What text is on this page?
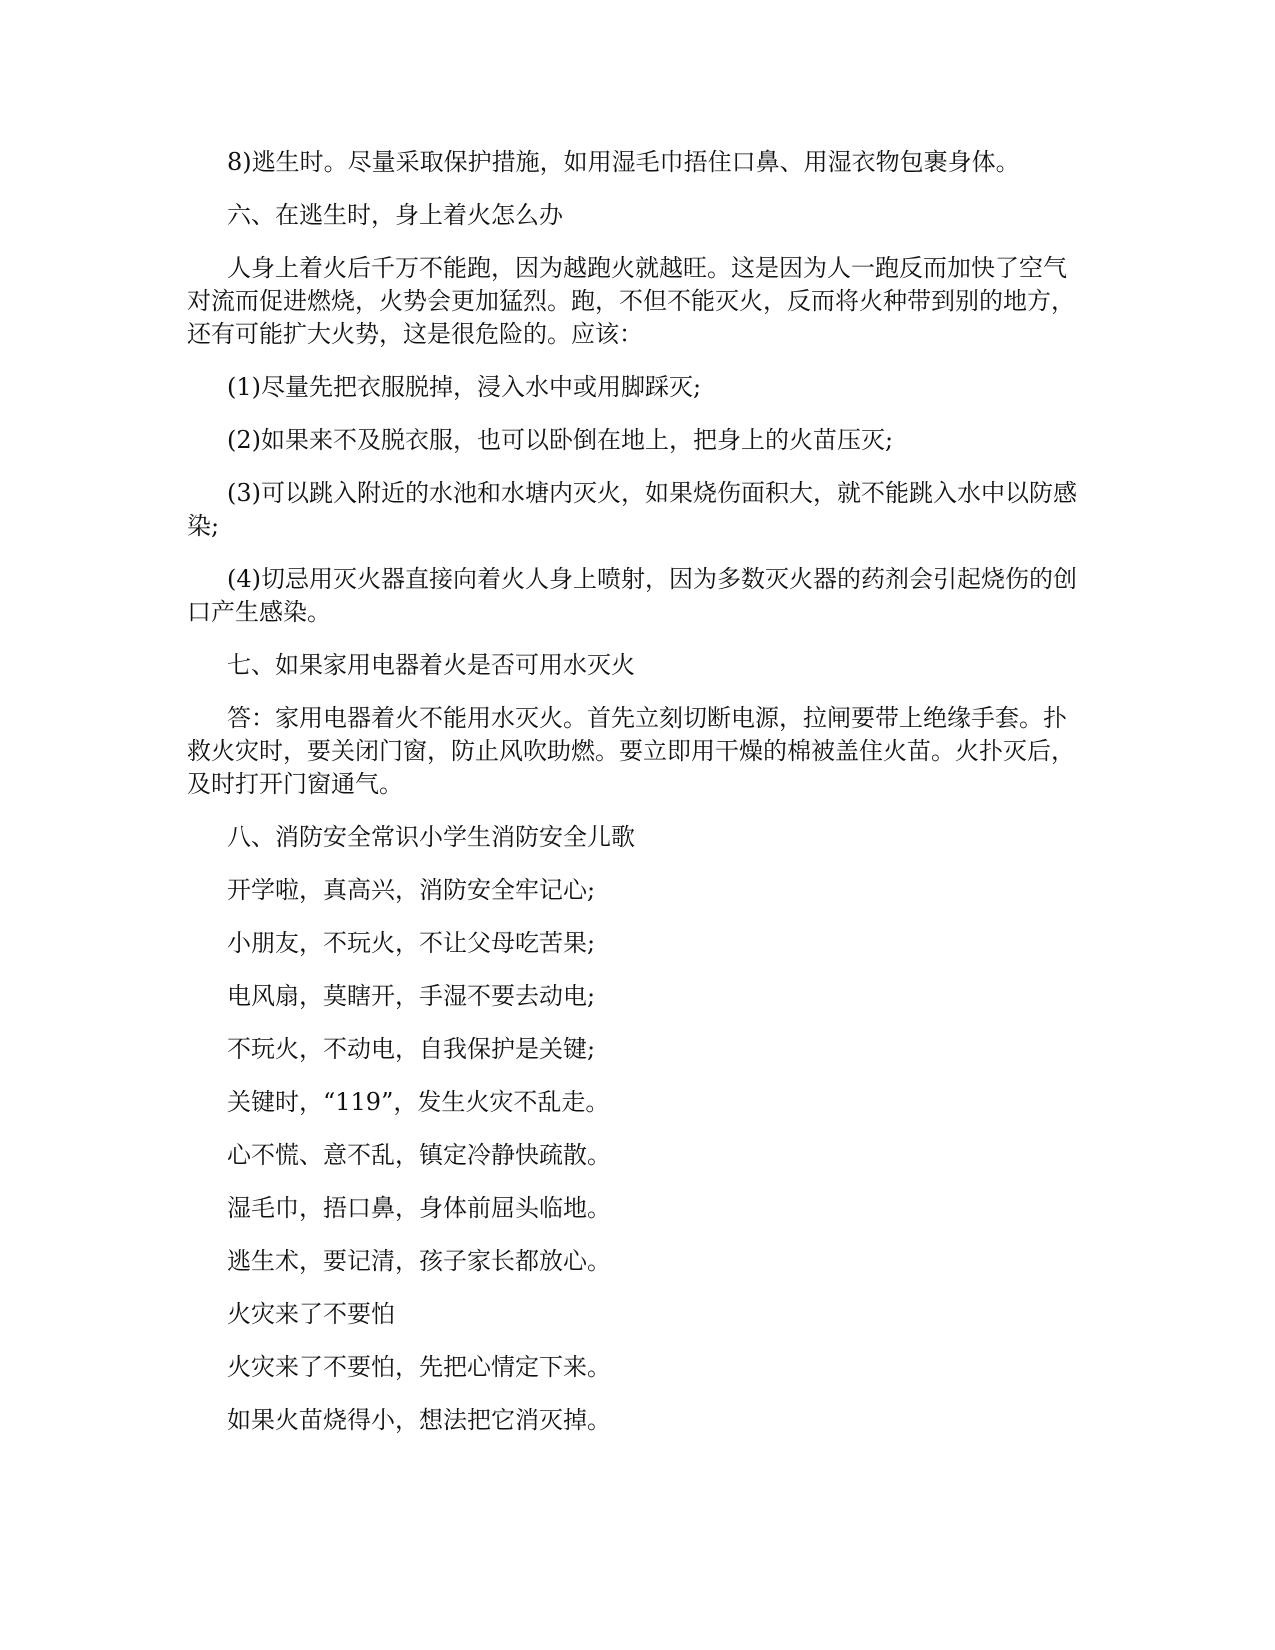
8)逃生时。尽量采取保护措施，如用湿毛巾捂住口鼻、用湿衣物包裹身体。

六、在逃生时，身上着火怎么办

人身上着火后千万不能跑，因为越跑火就越旺。这是因为人一跑反而加快了空气对流而促进燃烧，火势会更加猛烈。跑，不但不能灭火，反而将火种带到别的地方，还有可能扩大火势，这是很危险的。应该：

(1)尽量先把衣服脱掉，浸入水中或用脚踩灭;

(2)如果来不及脱衣服，也可以卧倒在地上，把身上的火苗压灭;

(3)可以跳入附近的水池和水塘内灭火，如果烧伤面积大，就不能跳入水中以防感染;

(4)切忌用灭火器直接向着火人身上喷射，因为多数灭火器的药剂会引起烧伤的创口产生感染。

七、如果家用电器着火是否可用水灭火

答：家用电器着火不能用水灭火。首先立刻切断电源，拉闸要带上绝缘手套。扑救火灾时，要关闭门窗，防止风吹助燃。要立即用干燥的棉被盖住火苗。火扑灭后，及时打开门窗通气。

八、消防安全常识小学生消防安全儿歌

开学啦，真高兴，消防安全牢记心;

小朋友，不玩火，不让父母吃苦果;

电风扇，莫瞎开，手湿不要去动电;

不玩火，不动电，自我保护是关键;

关键时，“119”，发生火灾不乱走。

心不慌、意不乱，镇定冷静快疏散。

湿毛巾，捂口鼻，身体前屈头临地。

逃生术，要记清，孩子家长都放心。

火灾来了不要怕

火灾来了不要怕，先把心情定下来。

如果火苗烧得小，想法把它消灭掉。
